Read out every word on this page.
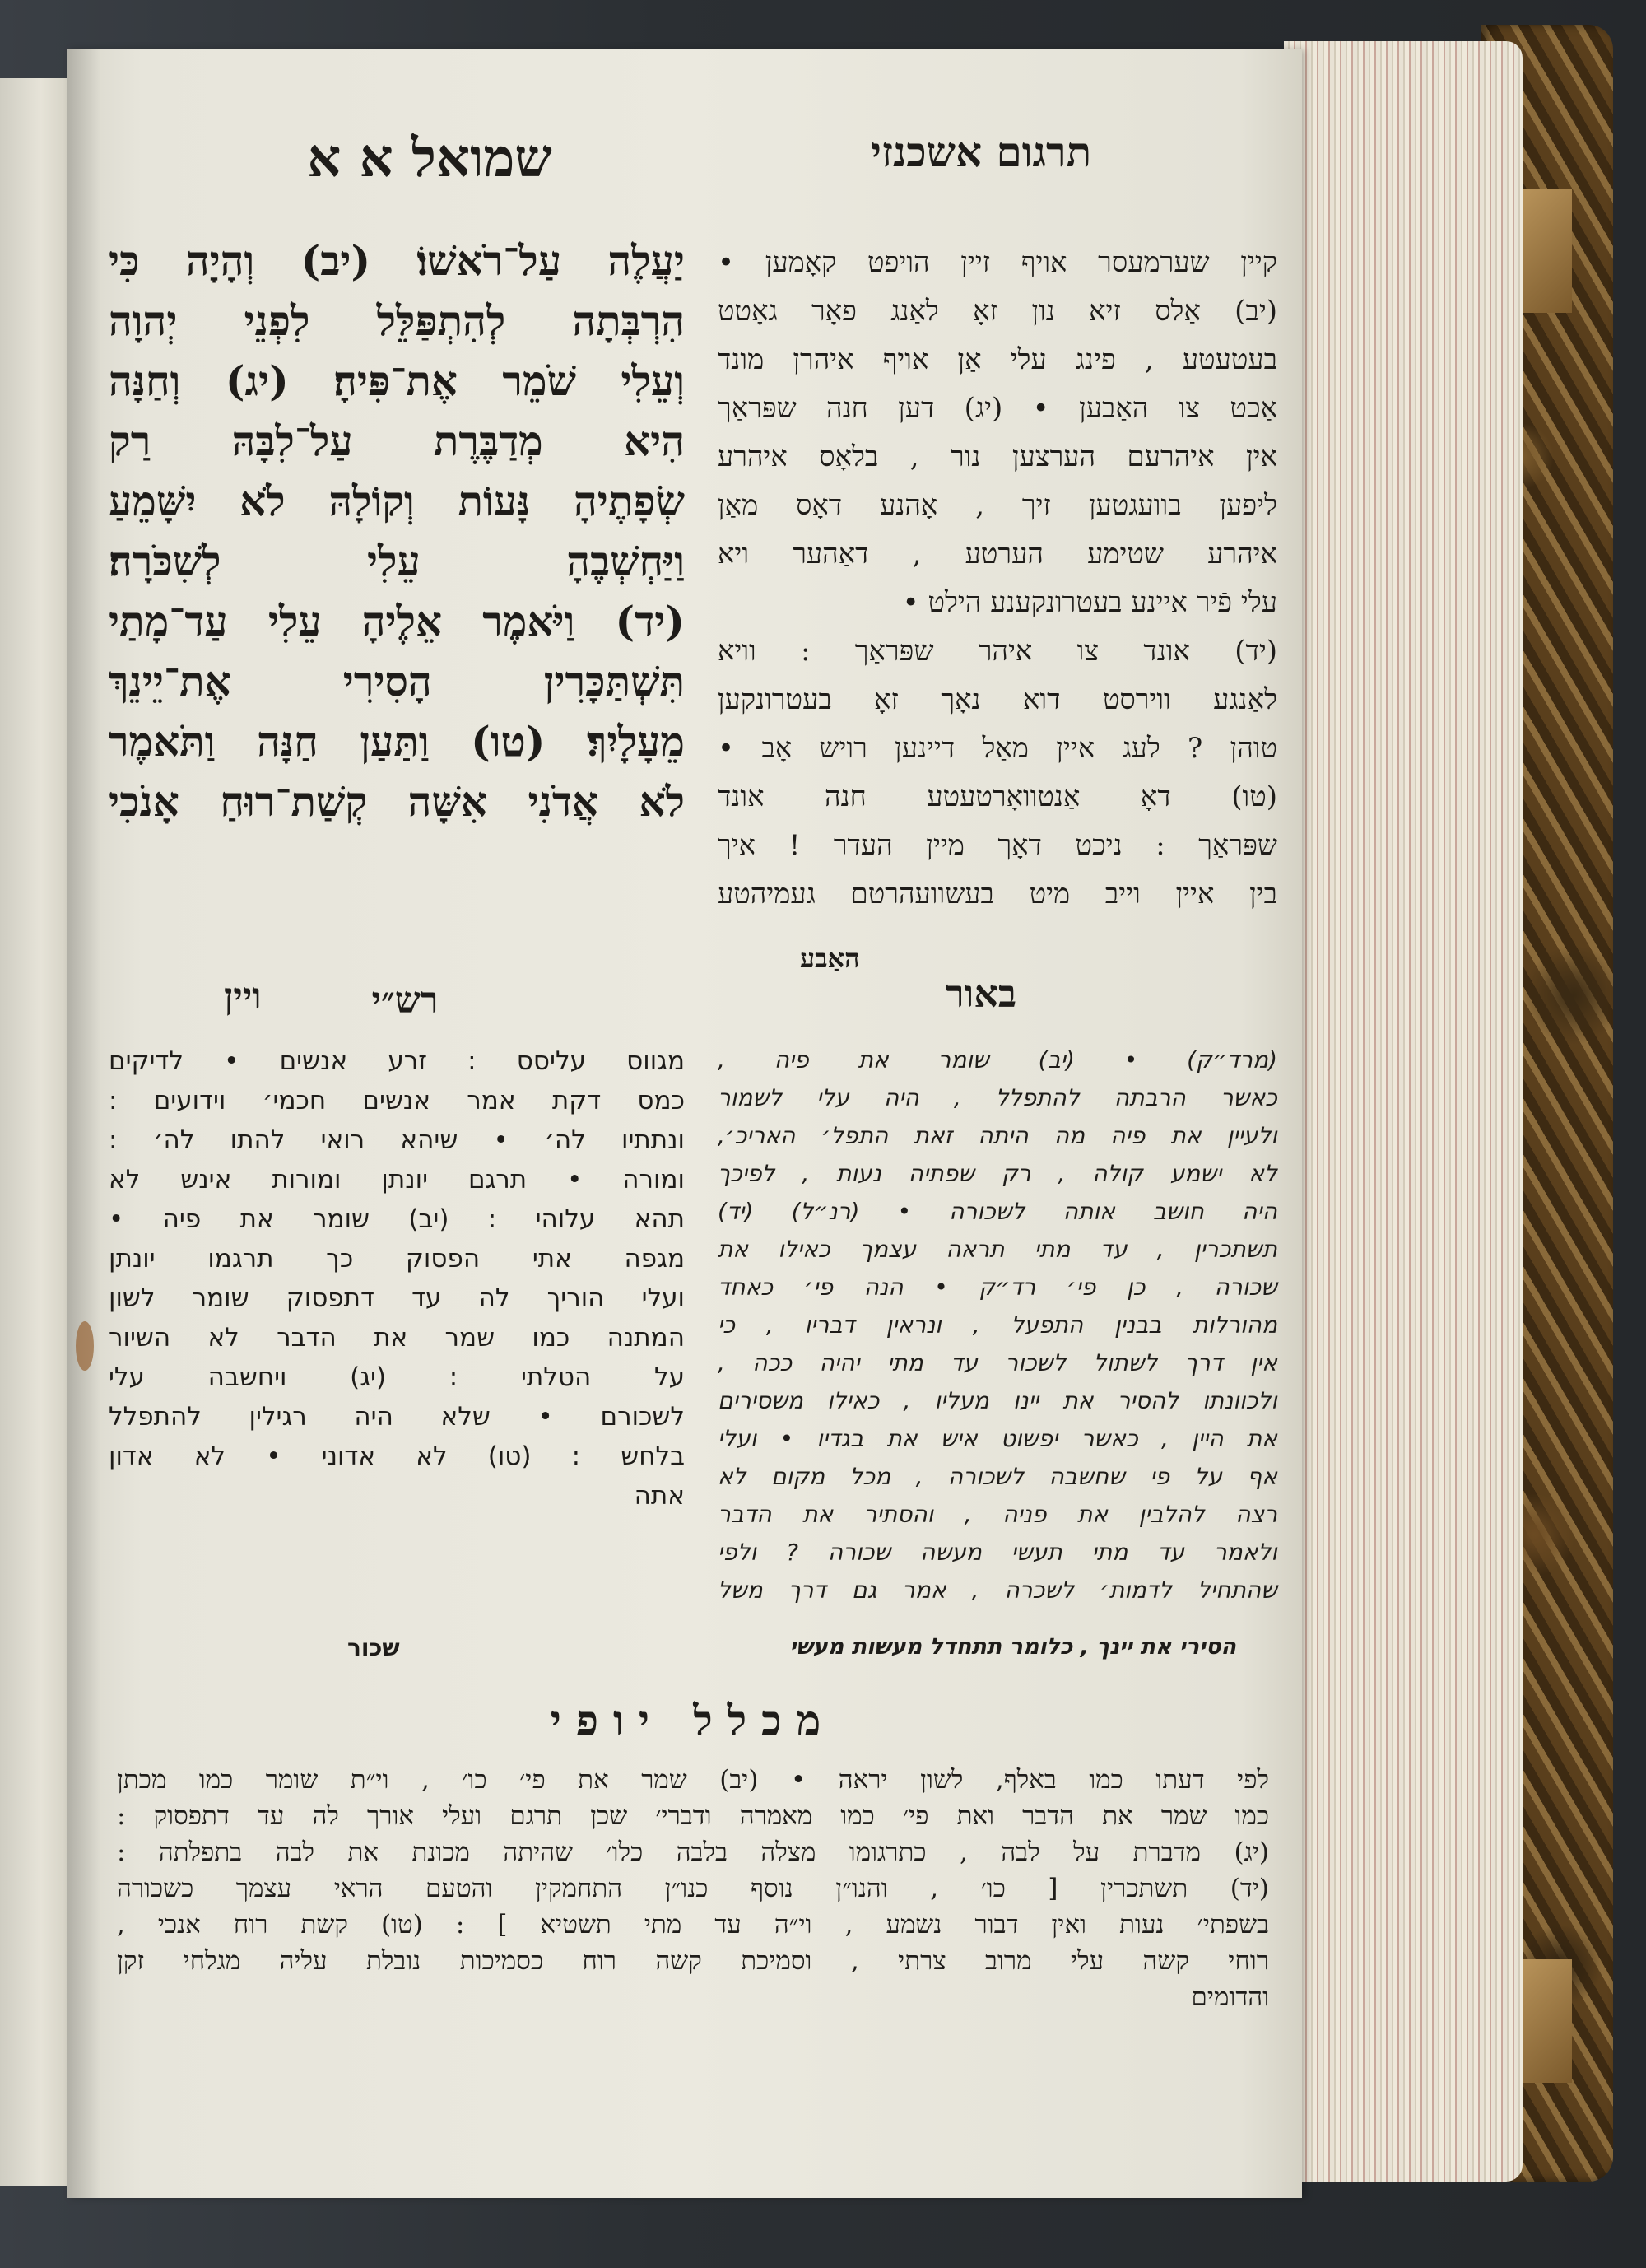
שמואל א א	תרגום אשכנזי
יַעֲלֶה עַל־רֹאשׁוֹ׃ (יב) וְהָיָה כִּי
הִרְבְּתָה לְהִתְפַּלֵּל לִפְנֵי יְהוָה
וְעֵלִי שֹׁמֵר אֶת־פִּיהָ׃ (יג) וְחַנָּה
הִיא מְדַבֶּרֶת עַל־לִבָּהּ רַק
שְׂפָתֶיהָ נָּעוֹת וְקוֹלָהּ לֹא יִשָּׁמֵעַ
וַיַּחְשְׁבֶהָ עֵלִי לְשִׁכֹּרָה׃
(יד) וַיֹּאמֶר אֵלֶיהָ עֵלִי עַד־מָתַי
תִּשְׁתַּכָּרִין הָסִירִי אֶת־יֵינֵךְ
מֵעָלָיִךְ׃ (טו) וַתַּעַן חַנָּה וַתֹּאמֶר
לֹא אֲדֹנִי אִשָּׁה קְשַׁת־רוּחַ אָנֹכִי
ויין
קיין שערמעסר אויף זיין הויפט קאָמען •
(יב) אַלס זיא נון זאָ לאַנג פאָר גאָטט
בעטעטע , פינג עלי אַן אויף איהרן מונד
אַכט צו האַבען • (יג) דען חנה שפּראַך
אין איהרעם הערצען נור , בלאָס איהרע
ליפען בוועגטען זיך , אָהנע דאָס מאַן
איהרע שטימע הערטע , דאַהער ויא
עלי פֿיר איינע בעטרונקענע הילט •
(יד) אונד צו איהר שפּראַך : וויא
לאַנגע ווירסט דוא נאָך זאָ בעטרונקען
טוהן ? לעג איין מאַל דיינען רויש אָב •
(טו) דאָ אַנטוואָרטעטע חנה אונד
שפּראַך : ניכט דאָך מיין העדר ! איך
בין איין וייב מיט בעשוועהרטם געמיהטע
האַבע
רש״י
מגווס עליסס : זרע אנשים • לדיקים
כמס דקת אמר אנשים חכמי׳ וידועים :
ונתתיו לה׳ • שיהא רואי להתו לה׳ :
ומורה • תרגם יונתן ומורות אינש לא
תהא עלוהי : (יב) שומר את פיה •
מגפה אתי הפסוק כך תרגמו יונתן
ועלי הוריך לה עד דתפסוק שומר לשון
המתנה כמו שמר את הדבר לא השיור
על הטלתי : (יג) ויחשבה עלי
לשכורם • שלא היה רגילין להתפלל
בלחש : (טו) לא אדוני • לא אדון
אתה
באור
(מרד״ק) • (יב) שומר את פיה ,
כאשר הרבתה להתפלל , היה עלי לשמור
ולעיין את פיה מה היתה זאת התפל׳ האריכ׳,
לא ישמע קולה , רק שפתיה נעות , לפיכך
היה חושב אותה לשכורה • (רנ״ל) (יד)
תשתכרין , עד מתי תראה עצמך כאילו את
שכורה , כן פי׳ רד״ק • הנה פי׳ כאחד
מהורלות בבנין התפעל , ונראין דבריו , כי
אין דרך לשתול לשכור עד מתי יהיה ככה ,
ולכוונתו להסיר את יינו מעליו , כאילו משסירים
את היין , כאשר יפשוט איש את בגדיו • ועלי
אף על פי שחשבה לשכורה , מכל מקום לא
רצה להלבין את פניה , והסתיר את הדבר
ולאמר עד מתי תעשי מעשה שכורה ? ולפי
שהתחיל לדמות׳ לשכרה , אמר גם דרך משל
הסירי את יינך , כלומר תתחדל מעשות מעשי
שכור
מכלל יופי
לפי דעתו כמו באלף, לשון יראה • (יב) שמר את פי׳ כו׳ , וי״ת שומר כמו מכתן
כמו שמר את הדבר ואת פי׳ כמו מאמרה ודברי׳ שכן תרגם ועלי אורך לה עד דתפסוק :
(יג) מדברת על לבה , כתרגומו מצלה בלבה כלו׳ שהיתה מכונת את לבה בתפלתה :
(יד) תשתכרין [ כו׳ , והנו״ן נוסף כנו״ן התחמקין והטעם הראי עצמך כשכורה
בשפתי׳ נעות ואין דבור נשמע , וי״ה עד מתי תשטיא ] : (טו) קשת רוח אנכי ,
רוחי קשה עלי מרוב צרתי , וסמיכת קשה רוח כסמיכות נובלת עליה מגלחי זקן
והדומים
